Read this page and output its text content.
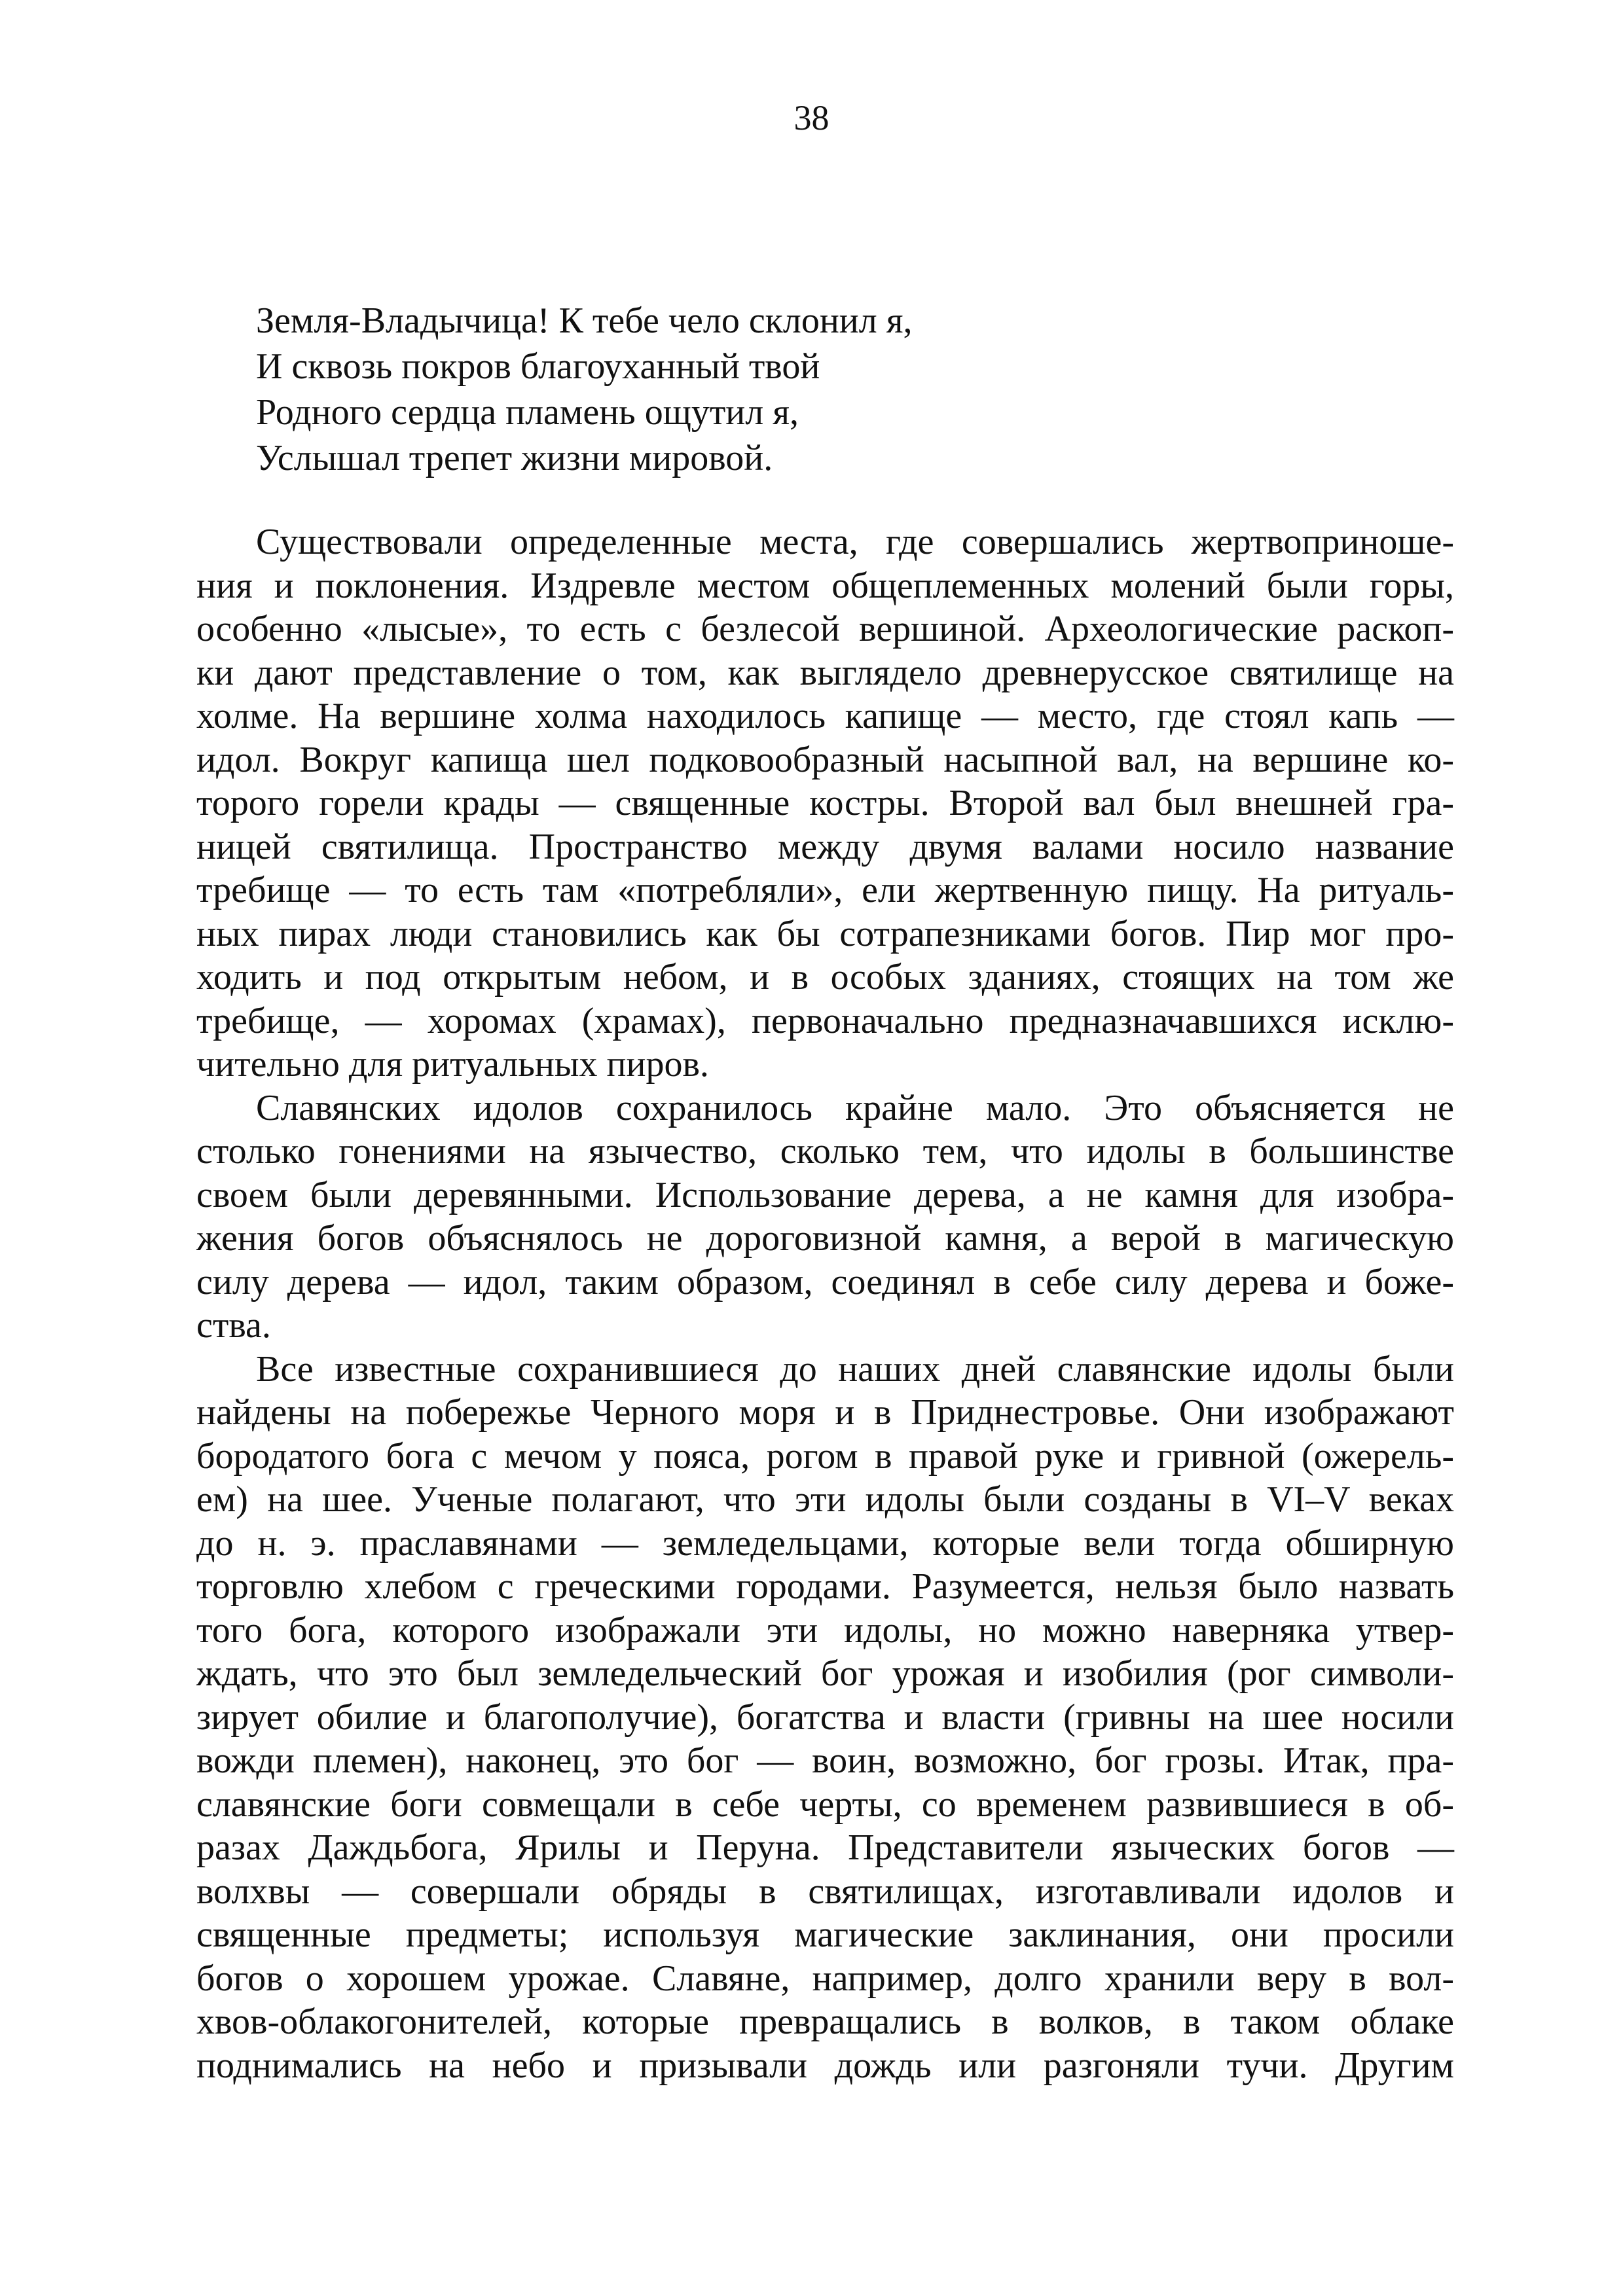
38
Земля-Владычица! К тебе чело склонил я,
И сквозь покров благоуханный твой
Родного сердца пламень ощутил я,
Услышал трепет жизни мировой.

Существовали определенные места, где совершались жертвоприноше-
ния и поклонения. Издревле местом общеплеменных молений были горы,
особенно «лысые», то есть с безлесой вершиной. Археологические раскоп-
ки дают представление о том, как выглядело древнерусское святилище на
холме. На вершине холма находилось капище — место, где стоял капь —
идол. Вокруг капища шел подковообразный насыпной вал, на вершине ко-
торого горели крады — священные костры. Второй вал был внешней гра-
ницей святилища. Пространство между двумя валами носило название
требище — то есть там «потребляли», ели жертвенную пищу. На ритуаль-
ных пирах люди становились как бы сотрапезниками богов. Пир мог про-
ходить и под открытым небом, и в особых зданиях, стоящих на том же
требище, — хоромах (храмах), первоначально предназначавшихся исклю-
чительно для ритуальных пиров.

Славянских идолов сохранилось крайне мало. Это объясняется не
столько гонениями на язычество, сколько тем, что идолы в большинстве
своем были деревянными. Использование дерева, а не камня для изобра-
жения богов объяснялось не дороговизной камня, а верой в магическую
силу дерева — идол, таким образом, соединял в себе силу дерева и боже-
ства.

Все известные сохранившиеся до наших дней славянские идолы были
найдены на побережье Черного моря и в Приднестровье. Они изображают
бородатого бога с мечом у пояса, рогом в правой руке и гривной (ожерель-
ем) на шее. Ученые полагают, что эти идолы были созданы в VI–V веках
до н. э. праславянами — земледельцами, которые вели тогда обширную
торговлю хлебом с греческими городами. Разумеется, нельзя было назвать
того бога, которого изображали эти идолы, но можно наверняка утвер-
ждать, что это был земледельческий бог урожая и изобилия (рог символи-
зирует обилие и благополучие), богатства и власти (гривны на шее носили
вожди племен), наконец, это бог — воин, возможно, бог грозы. Итак, пра-
славянские боги совмещали в себе черты, со временем развившиеся в об-
разах Даждьбога, Ярилы и Перуна. Представители языческих богов —
волхвы — совершали обряды в святилищах, изготавливали идолов и
священные предметы; используя магические заклинания, они просили
богов о хорошем урожае. Славяне, например, долго хранили веру в вол-
хвов-облакогонителей, которые превращались в волков, в таком облаке
поднимались на небо и призывали дождь или разгоняли тучи. Другим
